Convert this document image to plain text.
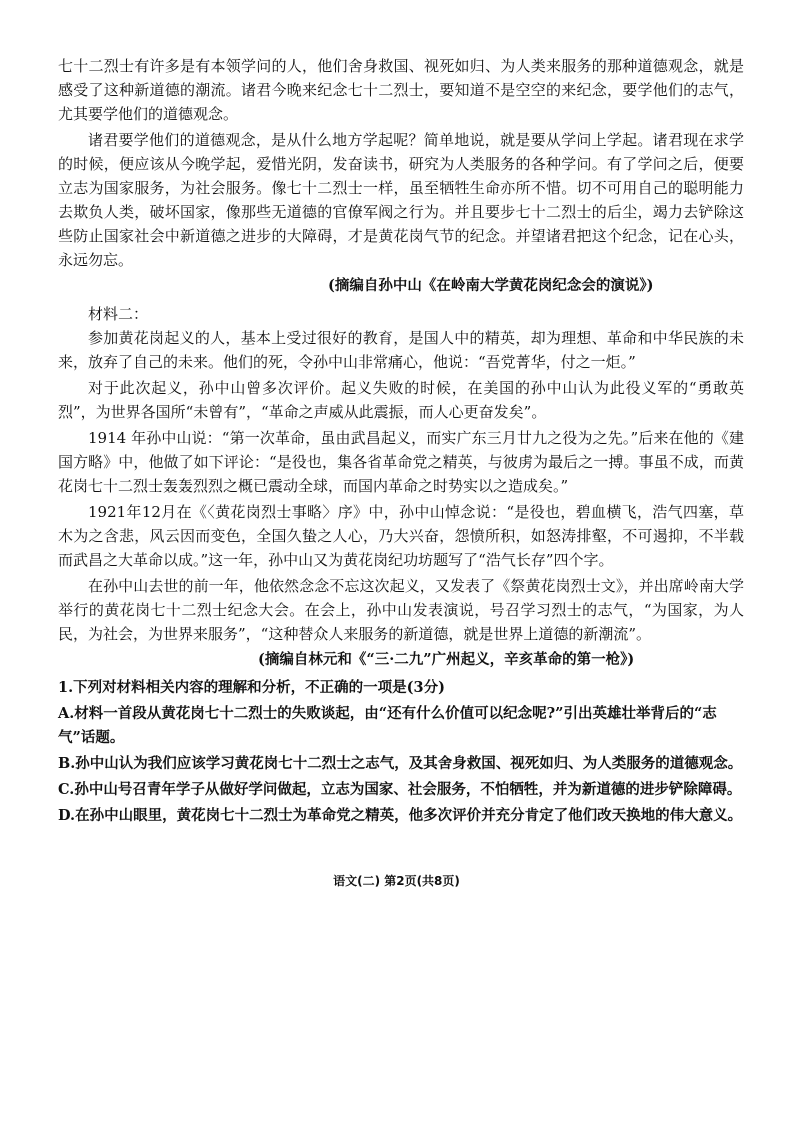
七十二烈士有许多是有本领学问的人，他们舍身救国、视死如归、为人类来服务的那种道德观念，就是感受了这种新道德的潮流。诸君今晚来纪念七十二烈士，要知道不是空空的来纪念，要学他们的志气，尤其要学他们的道德观念。

诸君要学他们的道德观念，是从什么地方学起呢？简单地说，就是要从学问上学起。诸君现在求学的时候，便应该从今晚学起，爱惜光阴，发奋读书，研究为人类服务的各种学问。有了学问之后，便要立志为国家服务，为社会服务。像七十二烈士一样，虽至牺牲生命亦所不惜。切不可用自己的聪明能力去欺负人类，破坏国家，像那些无道德的官僚军阀之行为。并且要步七十二烈士的后尘，竭力去铲除这些防止国家社会中新道德之进步的大障碍，才是黄花岗气节的纪念。并望诸君把这个纪念，记在心头，永远勿忘。

(摘编自孙中山《在岭南大学黄花岗纪念会的演说》)

材料二：

参加黄花岗起义的人，基本上受过很好的教育，是国人中的精英，却为理想、革命和中华民族的未来，放弃了自己的未来。他们的死，令孙中山非常痛心，他说：“吾党菁华，付之一炬。”

对于此次起义，孙中山曾多次评价。起义失败的时候，在美国的孙中山认为此役义军的“勇敢英烈”，为世界各国所“未曾有”，“革命之声威从此震振，而人心更奋发矣”。

1914 年孙中山说：“第一次革命，虽由武昌起义，而实广东三月廿九之役为之先。”后来在他的《建国方略》中，他做了如下评论：“是役也，集各省革命党之精英，与彼虏为最后之一搏。事虽不成，而黄花岗七十二烈士轰轰烈烈之概已震动全球，而国内革命之时势实以之造成矣。”

1921年12月在《〈黄花岗烈士事略〉序》中，孙中山悼念说：“是役也，碧血横飞，浩气四塞，草木为之含悲，风云因而变色，全国久蛰之人心，乃大兴奋，怨愤所积，如怒涛排壑，不可遏抑，不半载而武昌之大革命以成。”这一年，孙中山又为黄花岗纪功坊题写了“浩气长存”四个字。

在孙中山去世的前一年，他依然念念不忘这次起义，又发表了《祭黄花岗烈士文》，并出席岭南大学举行的黄花岗七十二烈士纪念大会。在会上，孙中山发表演说，号召学习烈士的志气，“为国家，为人民，为社会，为世界来服务”，“这种替众人来服务的新道德，就是世界上道德的新潮流”。

(摘编自林元和《“三·二九”广州起义，辛亥革命的第一枪》)

1.下列对材料相关内容的理解和分析，不正确的一项是(3分)

A.材料一首段从黄花岗七十二烈士的失败谈起，由“还有什么价值可以纪念呢?”引出英雄壮举背后的“志气”话题。

B.孙中山认为我们应该学习黄花岗七十二烈士之志气，及其舍身救国、视死如归、为人类服务的道德观念。

C.孙中山号召青年学子从做好学问做起，立志为国家、社会服务，不怕牺牲，并为新道德的进步铲除障碍。

D.在孙中山眼里，黄花岗七十二烈士为革命党之精英，他多次评价并充分肯定了他们改天换地的伟大意义。

语文(二) 第2页(共8页)
